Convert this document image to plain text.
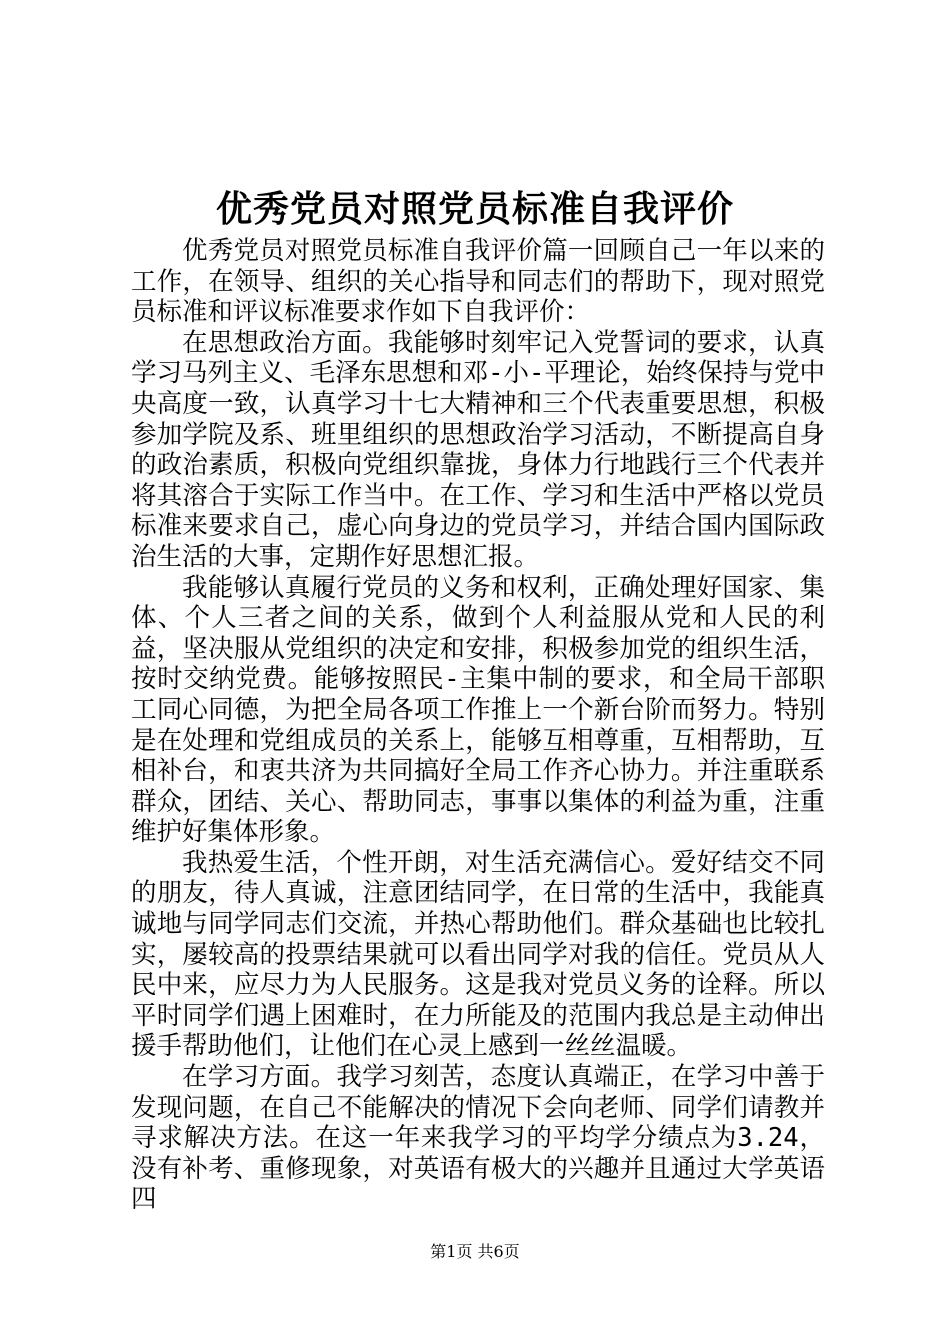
优秀党员对照党员标准自我评价

优秀党员对照党员标准自我评价篇一回顾自己一年以来的工作，在领导、组织的关心指导和同志们的帮助下，现对照党员标准和评议标准要求作如下自我评价：

在思想政治方面。我能够时刻牢记入党誓词的要求，认真学习马列主义、毛泽东思想和邓-小-平理论，始终保持与党中央高度一致，认真学习十七大精神和三个代表重要思想，积极参加学院及系、班里组织的思想政治学习活动，不断提高自身的政治素质，积极向党组织靠拢，身体力行地践行三个代表并将其溶合于实际工作当中。在工作、学习和生活中严格以党员标准来要求自己，虚心向身边的党员学习，并结合国内国际政治生活的大事，定期作好思想汇报。

我能够认真履行党员的义务和权利，正确处理好国家、集体、个人三者之间的关系，做到个人利益服从党和人民的利益，坚决服从党组织的决定和安排，积极参加党的组织生活，按时交纳党费。能够按照民-主集中制的要求，和全局干部职工同心同德，为把全局各项工作推上一个新台阶而努力。特别是在处理和党组成员的关系上，能够互相尊重，互相帮助，互相补台，和衷共济为共同搞好全局工作齐心协力。并注重联系群众，团结、关心、帮助同志，事事以集体的利益为重，注重维护好集体形象。

我热爱生活，个性开朗，对生活充满信心。爱好结交不同的朋友，待人真诚，注意团结同学，在日常的生活中，我能真诚地与同学同志们交流，并热心帮助他们。群众基础也比较扎实，屡较高的投票结果就可以看出同学对我的信任。党员从人民中来，应尽力为人民服务。这是我对党员义务的诠释。所以平时同学们遇上困难时，在力所能及的范围内我总是主动伸出援手帮助他们，让他们在心灵上感到一丝丝温暖。

在学习方面。我学习刻苦，态度认真端正，在学习中善于发现问题，在自己不能解决的情况下会向老师、同学们请教并寻求解决方法。在这一年来我学习的平均学分绩点为3.24，没有补考、重修现象，对英语有极大的兴趣并且通过大学英语四

第1页 共6页
